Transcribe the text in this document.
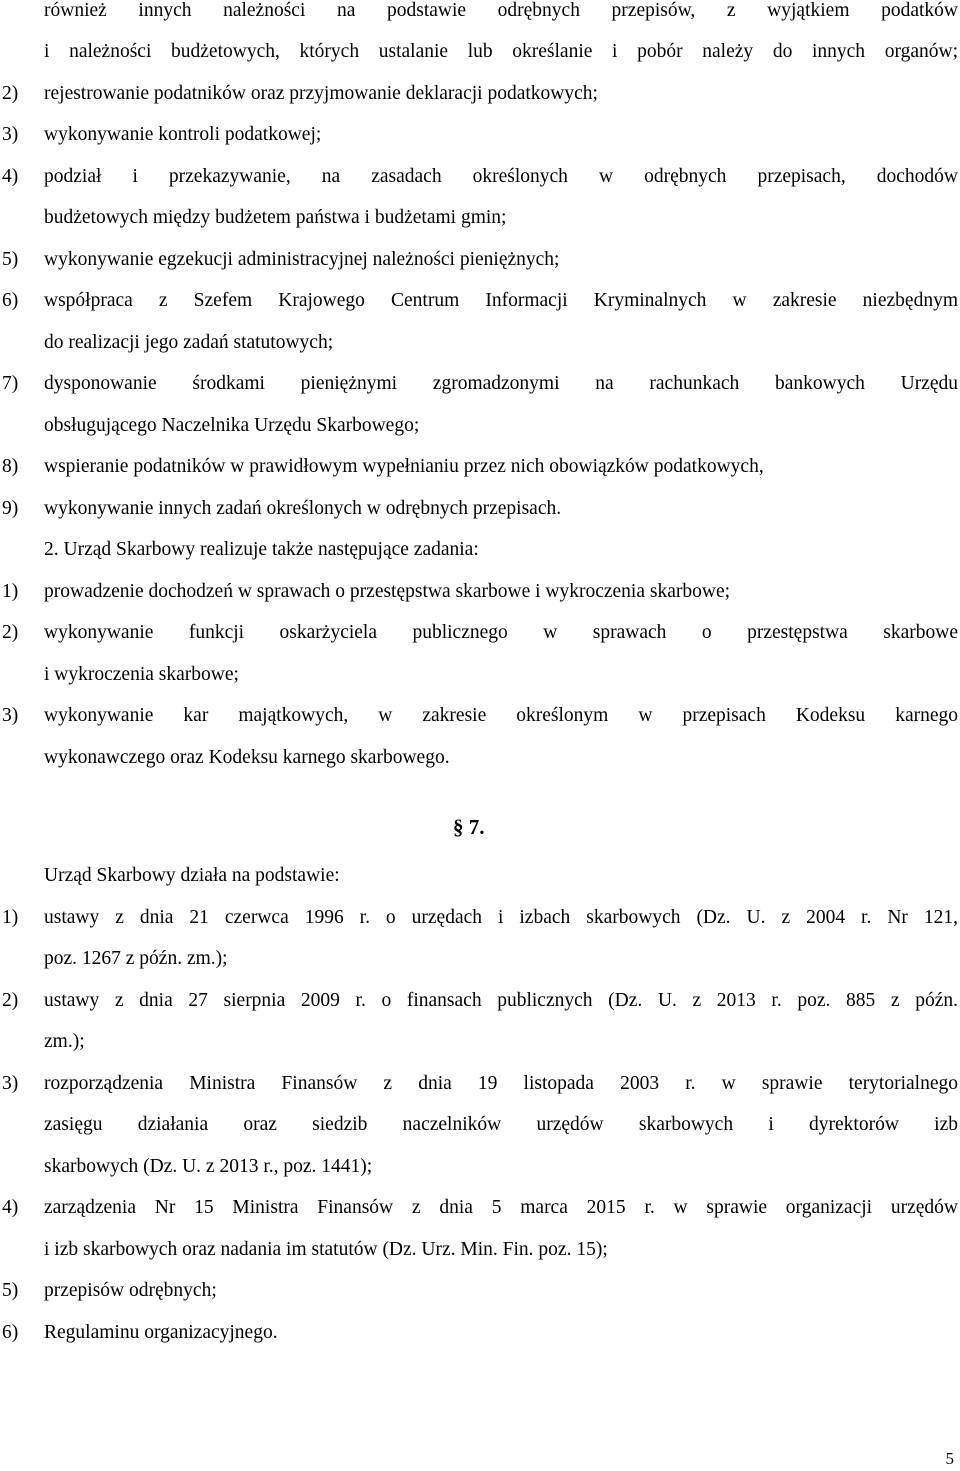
również innych należności na podstawie odrębnych przepisów, z wyjątkiem podatków
i należności budżetowych, których ustalanie lub określanie i pobór należy do innych organów;
2) rejestrowanie podatników oraz przyjmowanie deklaracji podatkowych;
3) wykonywanie kontroli podatkowej;
4) podział i przekazywanie, na zasadach określonych w odrębnych przepisach, dochodów
budżetowych między budżetem państwa i budżetami gmin;
5) wykonywanie egzekucji administracyjnej należności pieniężnych;
6) współpraca z Szefem Krajowego Centrum Informacji Kryminalnych w zakresie niezbędnym
do realizacji jego zadań statutowych;
7) dysponowanie środkami pieniężnymi zgromadzonymi na rachunkach bankowych Urzędu
obsługującego Naczelnika Urzędu Skarbowego;
8) wspieranie podatników w prawidłowym wypełnianiu przez nich obowiązków podatkowych,
9) wykonywanie innych zadań określonych w odrębnych przepisach.
2. Urząd Skarbowy realizuje także następujące zadania:
1) prowadzenie dochodzeń w sprawach o przestępstwa skarbowe i wykroczenia skarbowe;
2) wykonywanie funkcji oskarżyciela publicznego w sprawach o przestępstwa skarbowe
i wykroczenia skarbowe;
3) wykonywanie kar majątkowych, w zakresie określonym w przepisach Kodeksu karnego
wykonawczego oraz Kodeksu karnego skarbowego.
§ 7.
Urząd Skarbowy działa na podstawie:
1) ustawy z dnia 21 czerwca 1996 r. o urzędach i izbach skarbowych (Dz. U. z 2004 r. Nr 121,
poz. 1267 z późn. zm.);
2) ustawy z dnia 27 sierpnia 2009 r. o finansach publicznych (Dz. U. z 2013 r. poz. 885 z późn.
zm.);
3) rozporządzenia Ministra Finansów z dnia 19 listopada 2003 r. w sprawie terytorialnego
zasięgu działania oraz siedzib naczelników urzędów skarbowych i dyrektorów izb
skarbowych (Dz. U. z 2013 r., poz. 1441);
4) zarządzenia Nr 15 Ministra Finansów z dnia 5 marca 2015 r. w sprawie organizacji urzędów
i izb skarbowych oraz nadania im statutów (Dz. Urz. Min. Fin. poz. 15);
5) przepisów odrębnych;
6) Regulaminu organizacyjnego.
5
